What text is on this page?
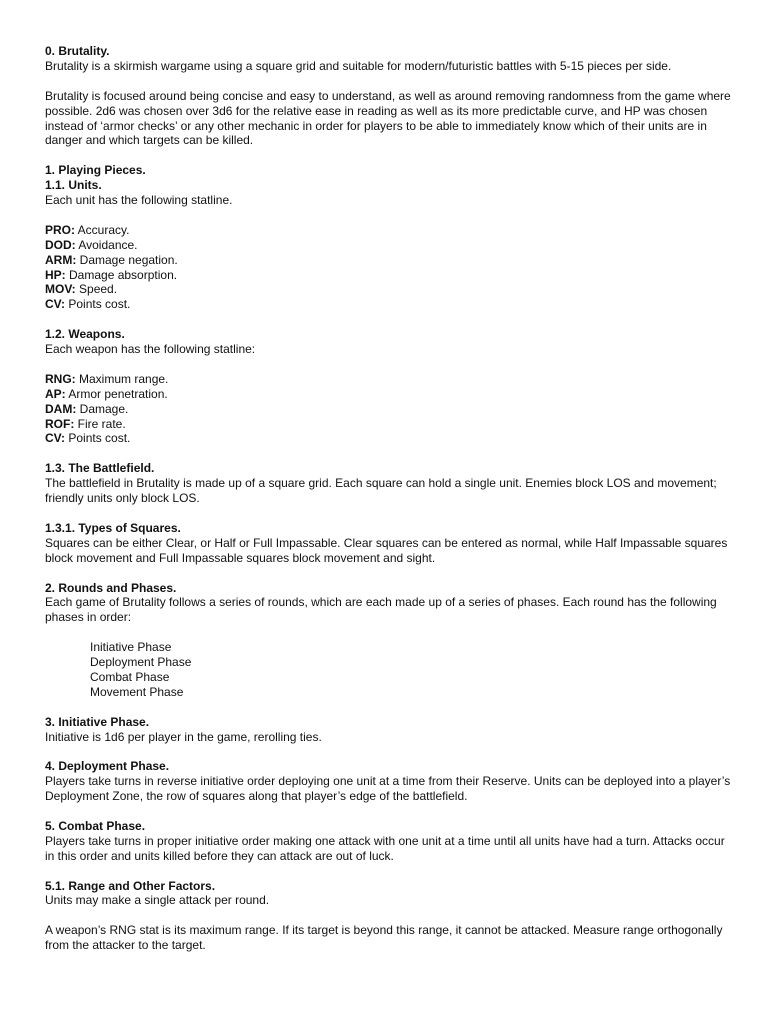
0. Brutality.

Brutality is a skirmish wargame using a square grid and suitable for modern/futuristic battles with 5-15 pieces per side.

Brutality is focused around being concise and easy to understand, as well as around removing randomness from the game where possible. 2d6 was chosen over 3d6 for the relative ease in reading as well as its more predictable curve, and HP was chosen instead of ‘armor checks’ or any other mechanic in order for players to be able to immediately know which of their units are in danger and which targets can be killed.

1. Playing Pieces.
1.1. Units.

Each unit has the following statline.

PRO: Accuracy.
DOD: Avoidance.
ARM: Damage negation.
HP: Damage absorption.
MOV: Speed.
CV: Points cost.
1.2. Weapons.

Each weapon has the following statline:

RNG: Maximum range.
AP: Armor penetration.
DAM: Damage.
ROF: Fire rate.
CV: Points cost.
1.3. The Battlefield.

The battlefield in Brutality is made up of a square grid. Each square can hold a single unit. Enemies block LOS and movement; friendly units only block LOS.

1.3.1. Types of Squares.

Squares can be either Clear, or Half or Full Impassable. Clear squares can be entered as normal, while Half Impassable squares block movement and Full Impassable squares block movement and sight.

2. Rounds and Phases.

Each game of Brutality follows a series of rounds, which are each made up of a series of phases. Each round has the following phases in order:

Initiative Phase
Deployment Phase
Combat Phase
Movement Phase
3. Initiative Phase.

Initiative is 1d6 per player in the game, rerolling ties.

4. Deployment Phase.

Players take turns in reverse initiative order deploying one unit at a time from their Reserve. Units can be deployed into a player’s Deployment Zone, the row of squares along that player’s edge of the battlefield.

5. Combat Phase.

Players take turns in proper initiative order making one attack with one unit at a time until all units have had a turn. Attacks occur in this order and units killed before they can attack are out of luck.

5.1. Range and Other Factors.

Units may make a single attack per round.

A weapon’s RNG stat is its maximum range. If its target is beyond this range, it cannot be attacked. Measure range orthogonally from the attacker to the target.
